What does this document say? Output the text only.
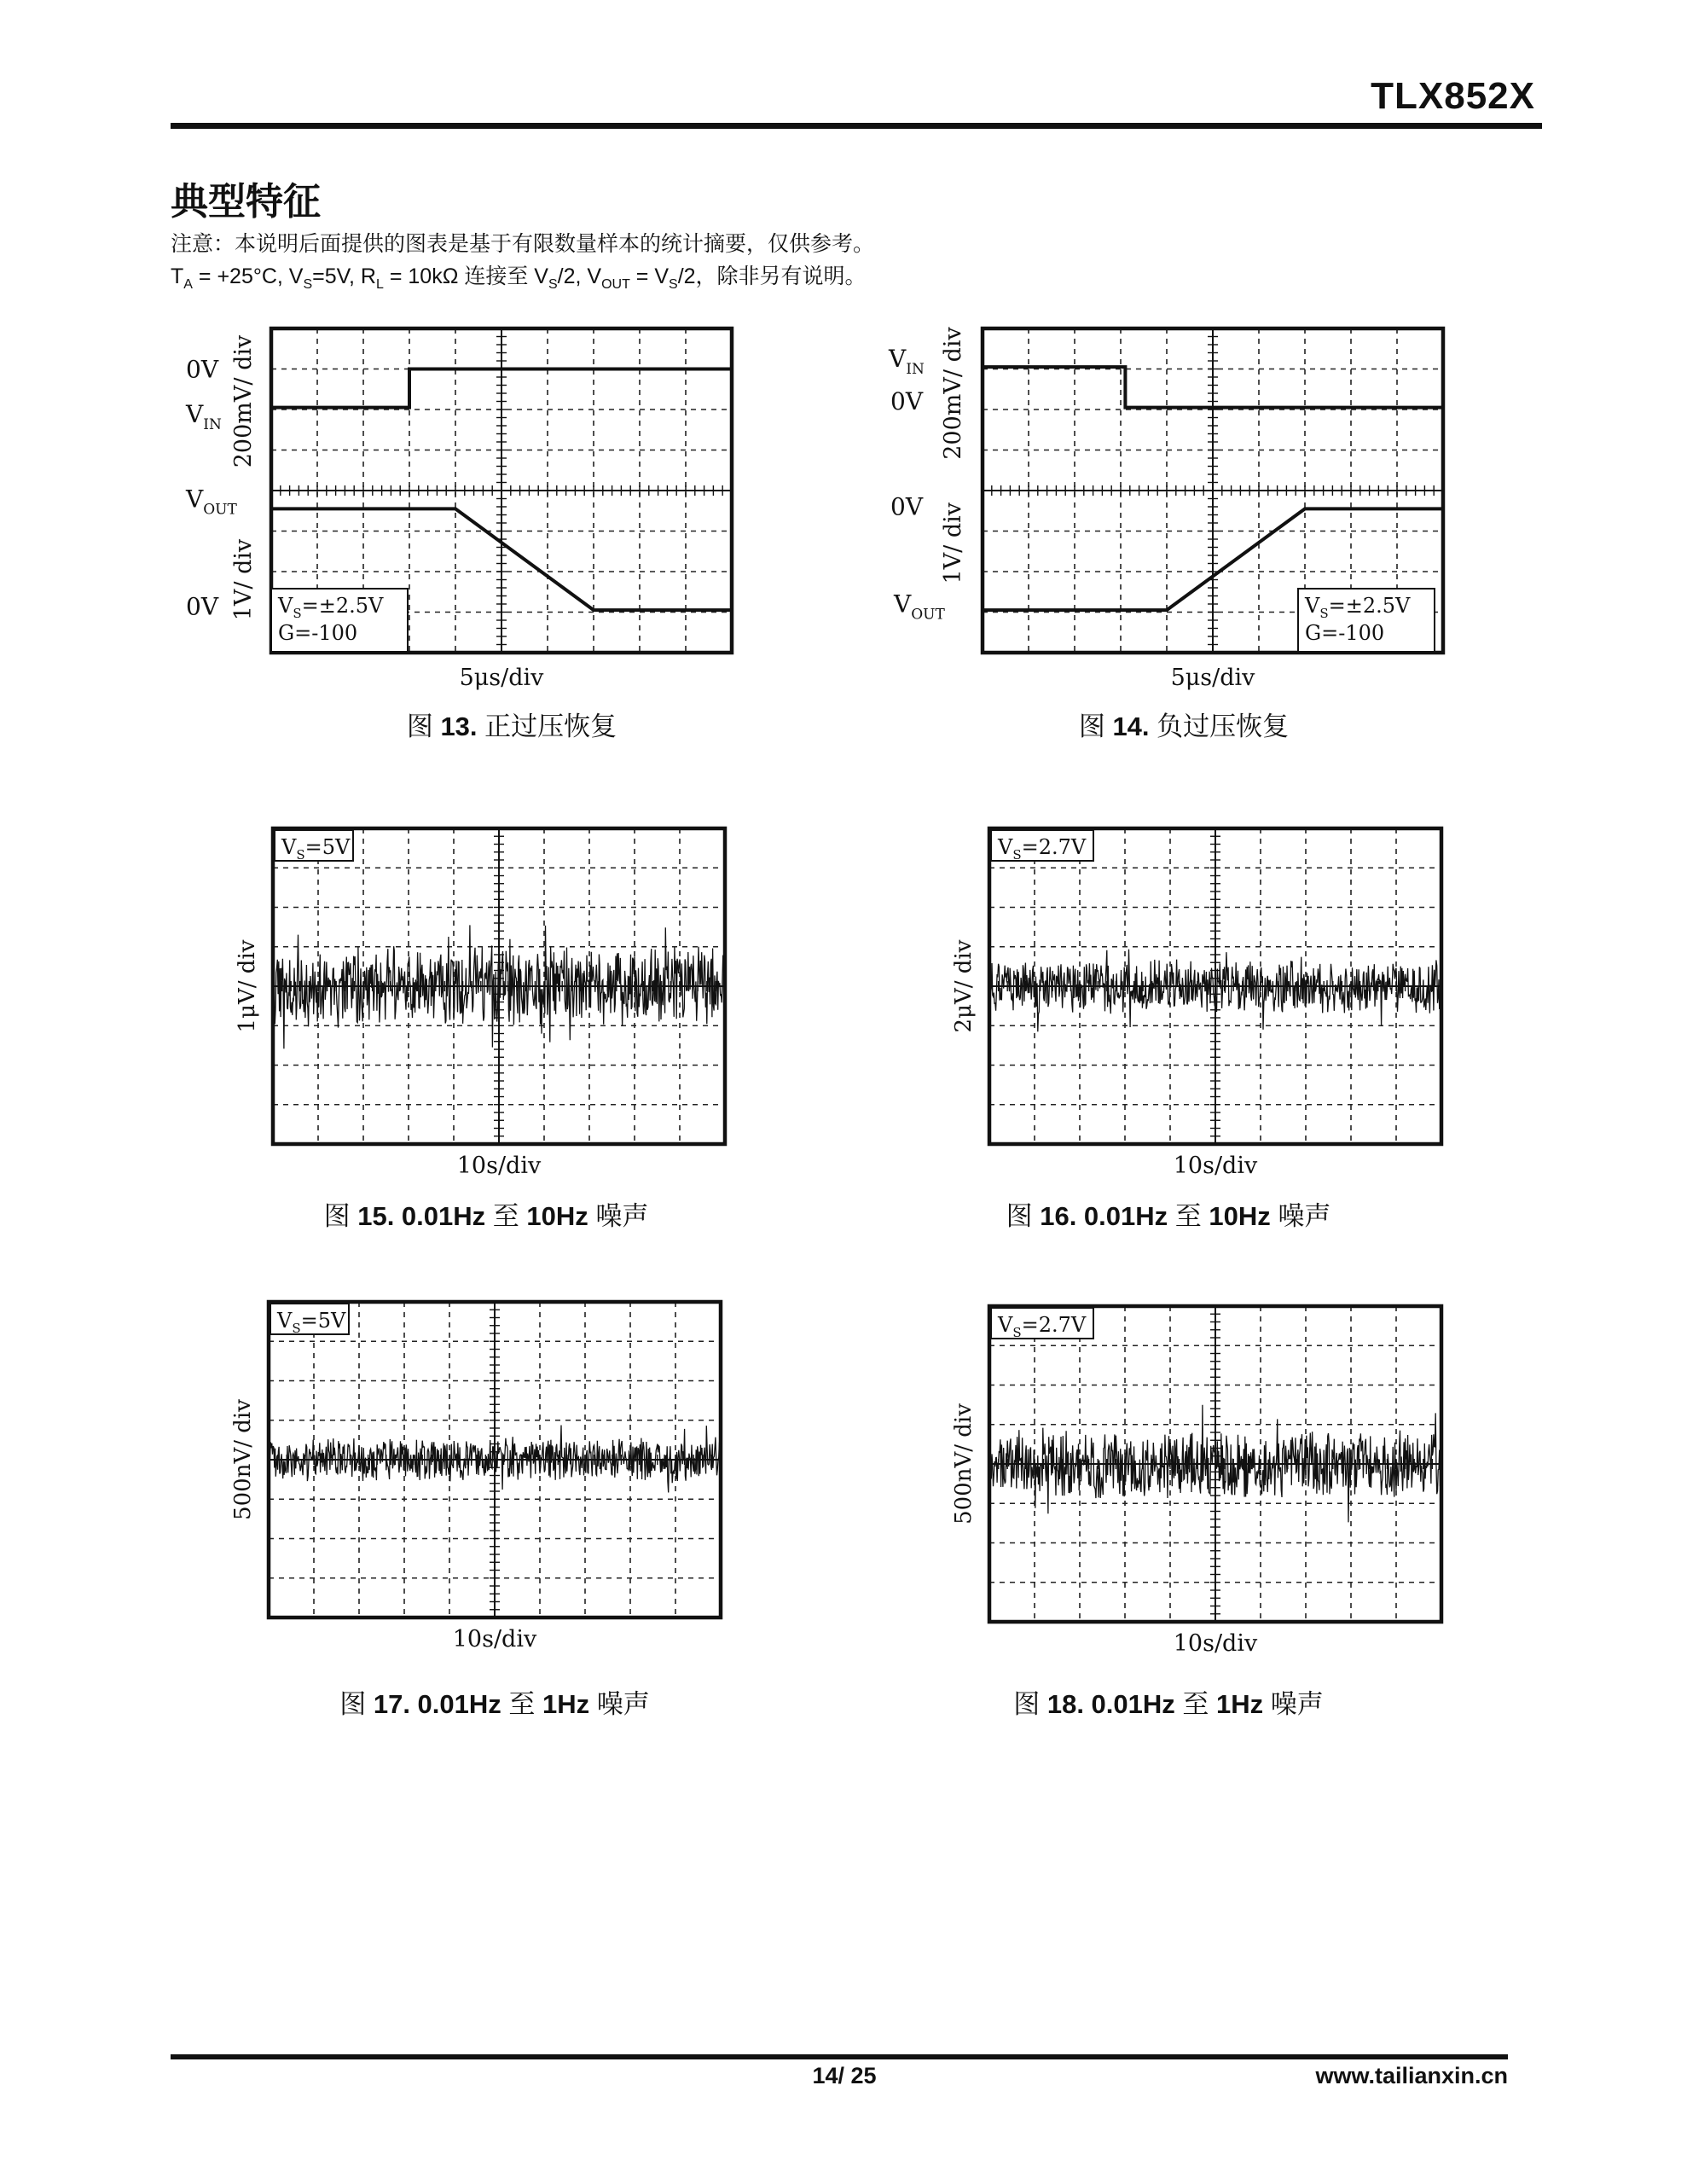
TLX852X
典型特征
注意：本说明后面提供的图表是基于有限数量样本的统计摘要，仅供参考。
$T_A = +25^\circ C$, $V_S=5V$, $R_L = 10k\Omega$ 连接至 $V_S/2$, $V_{OUT} = V_S/2$，除非另有说明。
$V_S=\pm 2.5V$
G=-100
0V
$V_{IN}$
$V_{OUT}$
0V
200mV/ div
1V/ div
5μs/div
图 13. 正过压恢复
$V_S=\pm 2.5V$
G=-100
$V_{IN}$
0V
0V
$V_{OUT}$
200mV/ div
1V/ div
5μs/div
图 14. 负过压恢复
$V_S=5V$
1μV/ div
10s/div
图 15. 0.01Hz 至 10Hz 噪声
$V_S=2.7V$
2μV/ div
10s/div
图 16. 0.01Hz 至 10Hz 噪声
$V_S=5V$
500nV/ div
10s/div
图 17. 0.01Hz 至 1Hz 噪声
$V_S=2.7V$
500nV/ div
10s/div
图 18. 0.01Hz 至 1Hz 噪声
14/ 25	www.tailianxin.cn
